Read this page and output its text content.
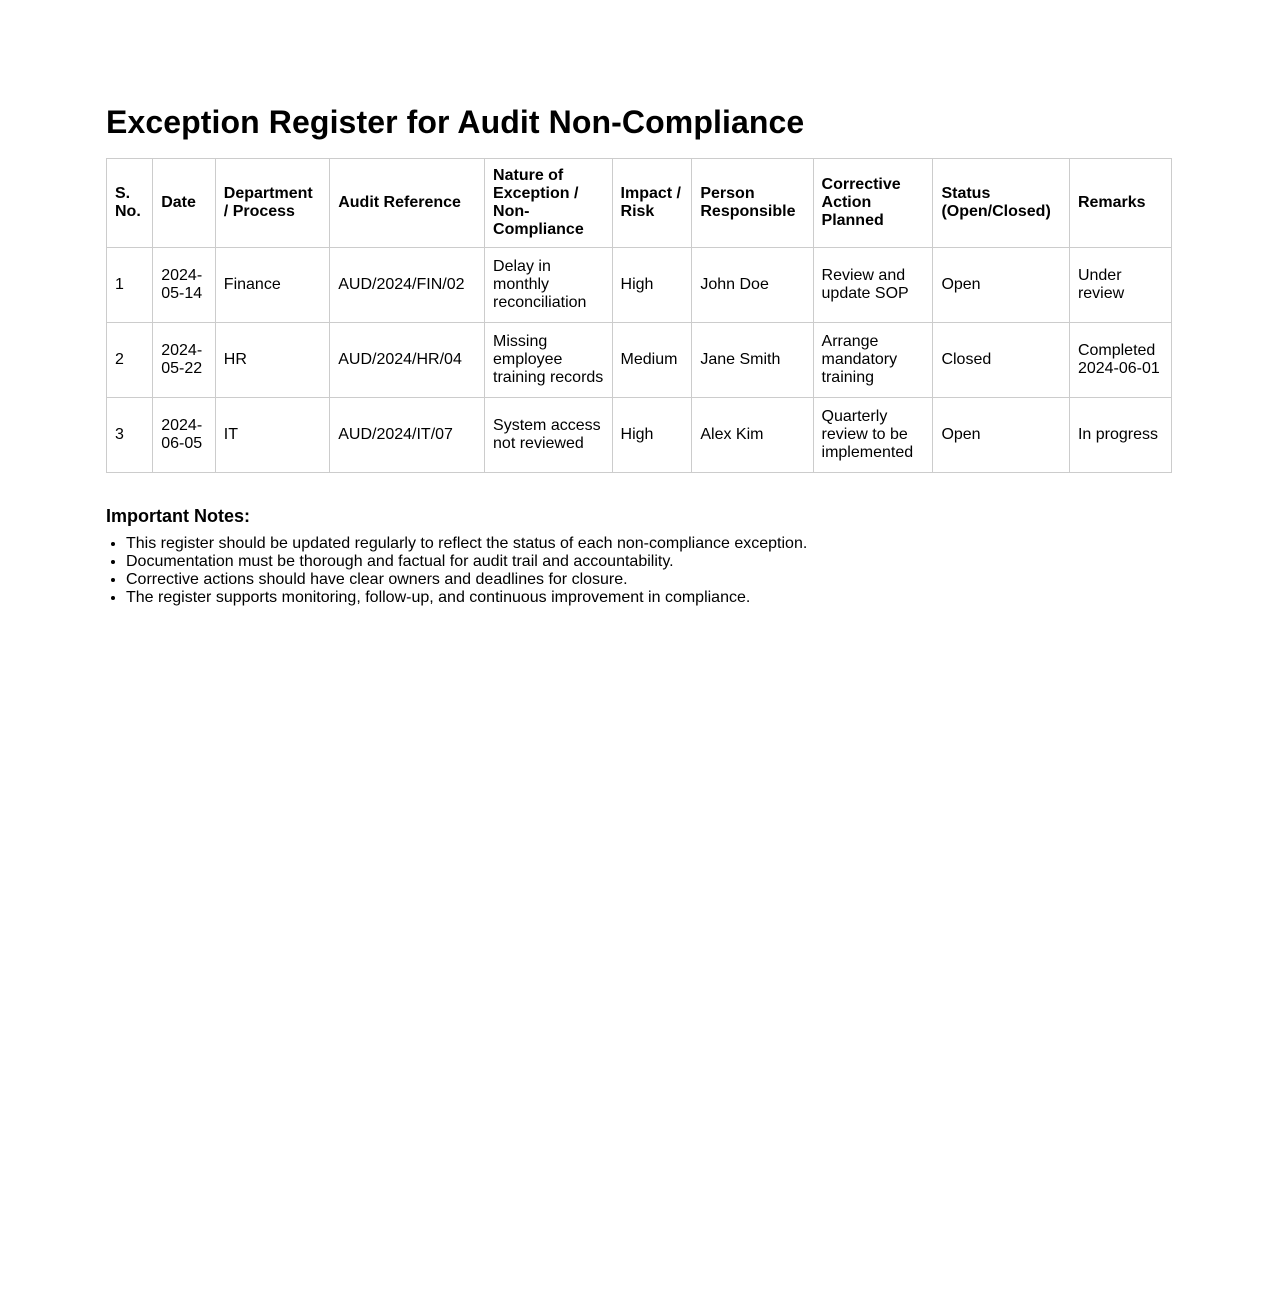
Exception Register for Audit Non-Compliance
S. No.	Date	Department / Process	Audit Reference	Nature of Exception / Non-Compliance	Impact / Risk	Person Responsible	Corrective Action Planned	Status (Open/Closed)	Remarks
1	2024-05-14	Finance	AUD/2024/FIN/02	Delay in monthly reconciliation	High	John Doe	Review and update SOP	Open	Under review
2	2024-05-22	HR	AUD/2024/HR/04	Missing employee training records	Medium	Jane Smith	Arrange mandatory training	Closed	Completed 2024-06-01
3	2024-06-05	IT	AUD/2024/IT/07	System access not reviewed	High	Alex Kim	Quarterly review to be implemented	Open	In progress
Important Notes:
• This register should be updated regularly to reflect the status of each non-compliance exception.
• Documentation must be thorough and factual for audit trail and accountability.
• Corrective actions should have clear owners and deadlines for closure.
• The register supports monitoring, follow-up, and continuous improvement in compliance.
